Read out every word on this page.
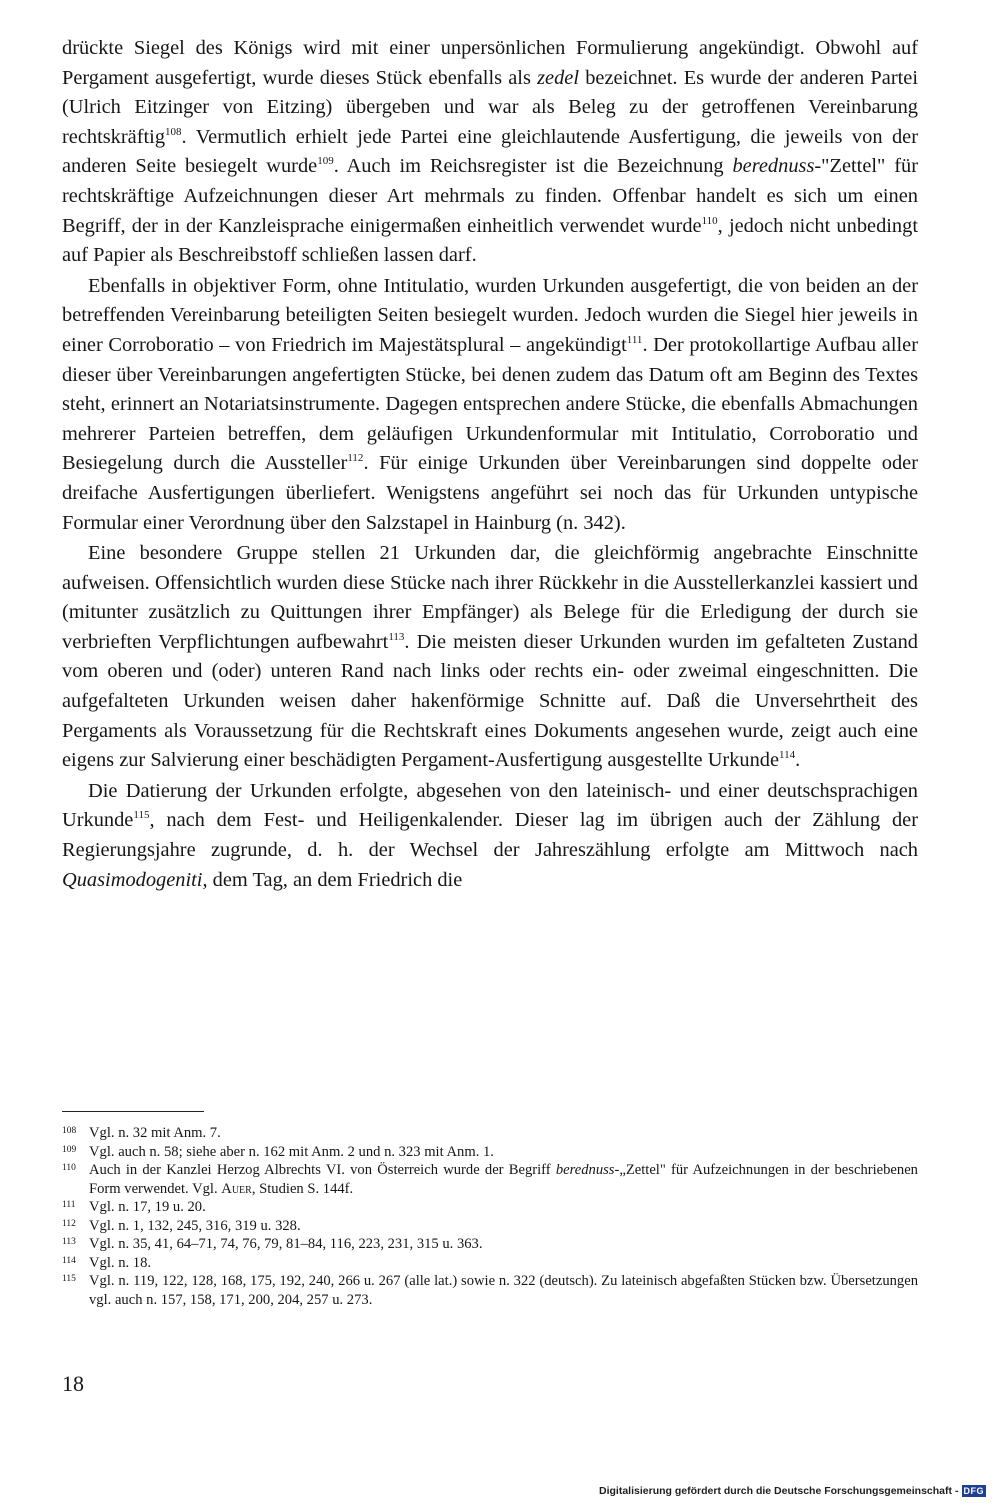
drückte Siegel des Königs wird mit einer unpersönlichen Formulierung angekündigt. Obwohl auf Pergament ausgefertigt, wurde dieses Stück ebenfalls als zedel bezeichnet. Es wurde der anderen Partei (Ulrich Eitzinger von Eitzing) übergeben und war als Beleg zu der getroffenen Vereinbarung rechtskräftig$^{108}$. Vermutlich erhielt jede Partei eine gleichlautende Ausfertigung, die jeweils von der anderen Seite besiegelt wurde$^{109}$. Auch im Reichsregister ist die Bezeichnung berednuss-"Zettel" für rechtskräftige Aufzeichnungen dieser Art mehrmals zu finden. Offenbar handelt es sich um einen Begriff, der in der Kanzleisprache einigermaßen einheitlich verwendet wurde$^{110}$, jedoch nicht unbedingt auf Papier als Beschreibstoff schließen lassen darf.

Ebenfalls in objektiver Form, ohne Intitulatio, wurden Urkunden ausgefertigt, die von beiden an der betreffenden Vereinbarung beteiligten Seiten besiegelt wurden. Jedoch wurden die Siegel hier jeweils in einer Corroboratio – von Friedrich im Majestätsplural – angekündigt$^{111}$. Der protokollartige Aufbau aller dieser über Vereinbarungen angefertigten Stücke, bei denen zudem das Datum oft am Beginn des Textes steht, erinnert an Notariatsinstrumente. Dagegen entsprechen andere Stücke, die ebenfalls Abmachungen mehrerer Parteien betreffen, dem geläufigen Urkundenformular mit Intitulatio, Corroboratio und Besiegelung durch die Aussteller$^{112}$. Für einige Urkunden über Vereinbarungen sind doppelte oder dreifache Ausfertigungen überliefert. Wenigstens angeführt sei noch das für Urkunden untypische Formular einer Verordnung über den Salzstapel in Hainburg (n. 342).

Eine besondere Gruppe stellen 21 Urkunden dar, die gleichförmig angebrachte Einschnitte aufweisen. Offensichtlich wurden diese Stücke nach ihrer Rückkehr in die Ausstellerkanzlei kassiert und (mitunter zusätzlich zu Quittungen ihrer Empfänger) als Belege für die Erledigung der durch sie verbrieften Verpflichtungen aufbewahrt$^{113}$. Die meisten dieser Urkunden wurden im gefalteten Zustand vom oberen und (oder) unteren Rand nach links oder rechts ein- oder zweimal eingeschnitten. Die aufgefalteten Urkunden weisen daher hakenförmige Schnitte auf. Daß die Unversehrtheit des Pergaments als Voraussetzung für die Rechtskraft eines Dokuments angesehen wurde, zeigt auch eine eigens zur Salvierung einer beschädigten Pergament-Ausfertigung ausgestellte Urkunde$^{114}$.

Die Datierung der Urkunden erfolgte, abgesehen von den lateinisch- und einer deutschsprachigen Urkunde$^{115}$, nach dem Fest- und Heiligenkalender. Dieser lag im übrigen auch der Zählung der Regierungsjahre zugrunde, d. h. der Wechsel der Jahreszählung erfolgte am Mittwoch nach Quasimodogeniti, dem Tag, an dem Friedrich die

108 Vgl. n. 32 mit Anm. 7.
109 Vgl. auch n. 58; siehe aber n. 162 mit Anm. 2 und n. 323 mit Anm. 1.
110 Auch in der Kanzlei Herzog Albrechts VI. von Österreich wurde der Begriff berednuss-„Zettel" für Aufzeichnungen in der beschriebenen Form verwendet. Vgl. Auer, Studien S. 144f.
111 Vgl. n. 17, 19 u. 20.
112 Vgl. n. 1, 132, 245, 316, 319 u. 328.
113 Vgl. n. 35, 41, 64–71, 74, 76, 79, 81–84, 116, 223, 231, 315 u. 363.
114 Vgl. n. 18.
115 Vgl. n. 119, 122, 128, 168, 175, 192, 240, 266 u. 267 (alle lat.) sowie n. 322 (deutsch). Zu lateinisch abgefaßten Stücken bzw. Übersetzungen vgl. auch n. 157, 158, 171, 200, 204, 257 u. 273.
18
Digitalisierung gefördert durch die Deutsche Forschungsgemeinschaft - DFG
